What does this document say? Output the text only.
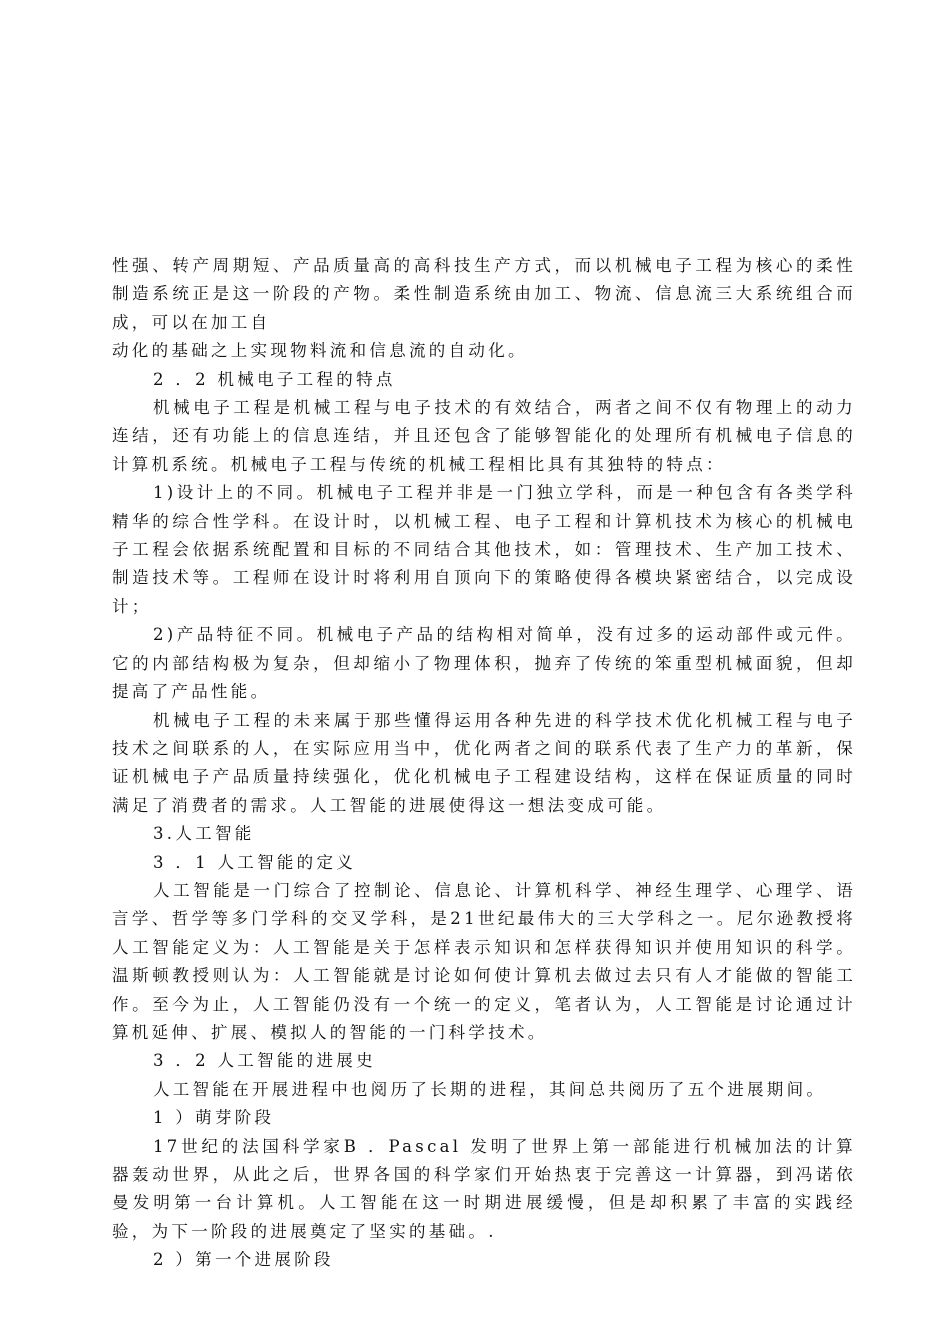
性强、转产周期短、产品质量高的高科技生产方式，而以机械电子工程为核心的柔性制造系统正是这一阶段的产物。柔性制造系统由加工、物流、信息流三大系统组合而成，可以在加工自

动化的基础之上实现物料流和信息流的自动化。

2 ．2 机械电子工程的特点

机械电子工程是机械工程与电子技术的有效结合，两者之间不仅有物理上的动力连结，还有功能上的信息连结，并且还包含了能够智能化的处理所有机械电子信息的计算机系统。机械电子工程与传统的机械工程相比具有其独特的特点：

1)设计上的不同。机械电子工程并非是一门独立学科，而是一种包含有各类学科精华的综合性学科。在设计时，以机械工程、电子工程和计算机技术为核心的机械电子工程会依据系统配置和目标的不同结合其他技术，如：管理技术、生产加工技术、制造技术等。工程师在设计时将利用自顶向下的策略使得各模块紧密结合，以完成设计；

2)产品特征不同。机械电子产品的结构相对简单，没有过多的运动部件或元件。它的内部结构极为复杂，但却缩小了物理体积，抛弃了传统的笨重型机械面貌，但却提高了产品性能。

机械电子工程的未来属于那些懂得运用各种先进的科学技术优化机械工程与电子技术之间联系的人，在实际应用当中，优化两者之间的联系代表了生产力的革新，保证机械电子产品质量持续强化，优化机械电子工程建设结构，这样在保证质量的同时满足了消费者的需求。人工智能的进展使得这一想法变成可能。

3.人工智能

3 ．1 人工智能的定义

人工智能是一门综合了控制论、信息论、计算机科学、神经生理学、心理学、语言学、哲学等多门学科的交叉学科，是21世纪最伟大的三大学科之一。尼尔逊教授将人工智能定义为：人工智能是关于怎样表示知识和怎样获得知识并使用知识的科学。温斯顿教授则认为：人工智能就是讨论如何使计算机去做过去只有人才能做的智能工作。至今为止，人工智能仍没有一个统一的定义，笔者认为，人工智能是讨论通过计算机延伸、扩展、模拟人的智能的一门科学技术。

3 ．2 人工智能的进展史

人工智能在开展进程中也阅历了长期的进程，其间总共阅历了五个进展期间。

1 ）萌芽阶段

17世纪的法国科学家B ．Pascal 发明了世界上第一部能进行机械加法的计算器轰动世界，从此之后，世界各国的科学家们开始热衷于完善这一计算器，到冯诺依曼发明第一台计算机。人工智能在这一时期进展缓慢，但是却积累了丰富的实践经验，为下一阶段的进展奠定了坚实的基础。.

2 ）第一个进展阶段
